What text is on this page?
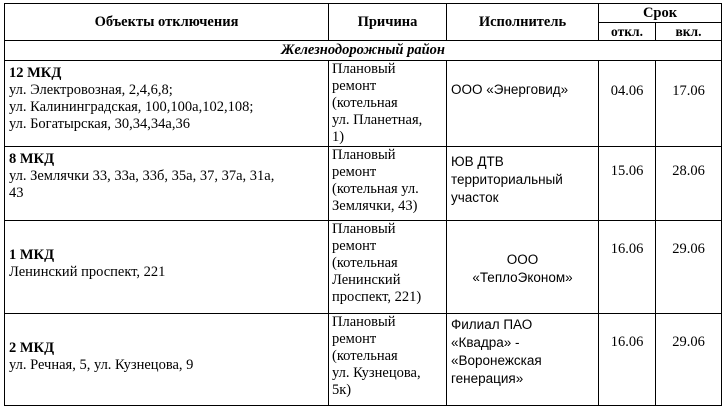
Объекты отключения	Причина	Исполнитель	Срок	
			откл.	вкл.
Железнодорожный район				

12 МКД
ул. Электровозная, 2,4,6,8;
ул. Калининградская, 100,100а,102,108;
ул. Богатырская, 30,34,34а,36	Плановый
ремонт
(котельная
ул. Планетная,
1)	ООО «Энерговид»	04.06	17.06

8 МКД
ул. Землячки 33, 33а, 33б, 35а, 37, 37а, 31а,
43	Плановый
ремонт
(котельная ул.
Землячки, 43)	ЮВ ДТВ
территориальный
участок	15.06	28.06

1 МКД
Ленинский проспект, 221	Плановый
ремонт
(котельная
Ленинский
проспект, 221)	ООО
«ТеплоЭконом»	16.06	29.06

2 МКД
ул. Речная, 5, ул. Кузнецова, 9	Плановый
ремонт
(котельная
ул. Кузнецова,
5к)	Филиал ПАО
«Квадра» -
«Воронежская
генерация»	16.06	29.06
